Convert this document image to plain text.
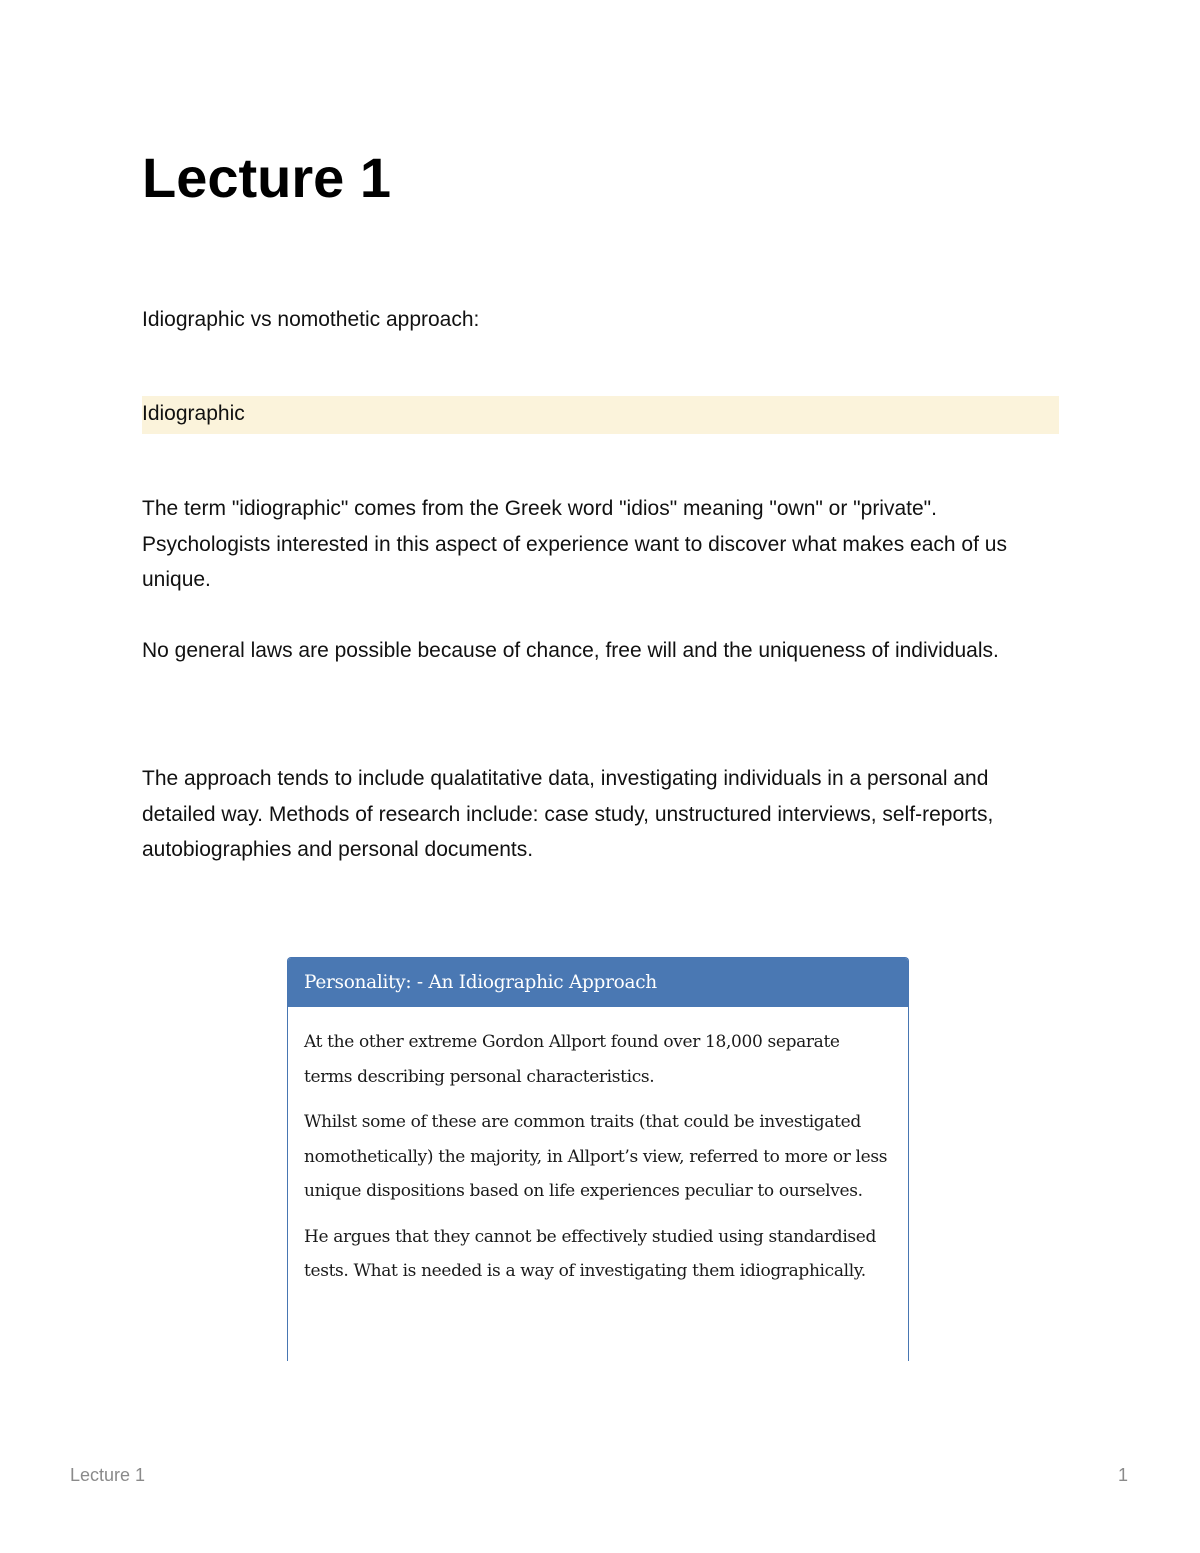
Lecture 1

Idiographic vs nomothetic approach:

Idiographic

The term "idiographic" comes from the Greek word "idios" meaning "own" or "private". Psychologists interested in this aspect of experience want to discover what makes each of us unique.

No general laws are possible because of chance, free will and the uniqueness of individuals.

The approach tends to include qualatitative data, investigating individuals in a personal and detailed way. Methods of research include: case study, unstructured interviews, self-reports, autobiographies and personal documents.

Personality: - An Idiographic Approach

At the other extreme Gordon Allport found over 18,000 separate terms describing personal characteristics.

Whilst some of these are common traits (that could be investigated nomothetically) the majority, in Allport’s view, referred to more or less unique dispositions based on life experiences peculiar to ourselves.

He argues that they cannot be effectively studied using standardised tests. What is needed is a way of investigating them idiographically.

Lecture 1	1
